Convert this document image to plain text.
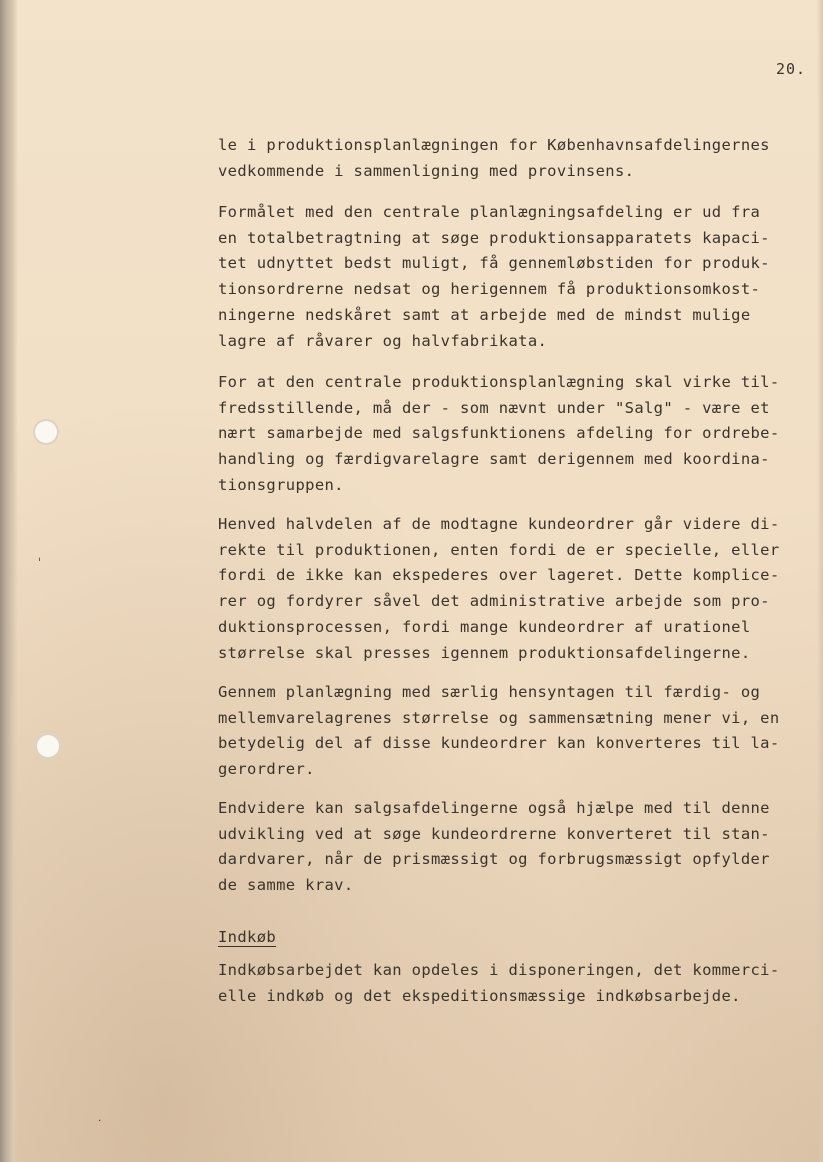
ˌ
˙
20.

le i produktionsplanlægningen for Københavnsafdelingernes
vedkommende i sammenligning med provinsens.

Formålet med den centrale planlægningsafdeling er ud fra
en totalbetragtning at søge produktionsapparatets kapaci-
tet udnyttet bedst muligt, få gennemløbstiden for produk-
tionsordrerne nedsat og herigennem få produktionsomkost-
ningerne nedskåret samt at arbejde med de mindst mulige
lagre af råvarer og halvfabrikata.

For at den centrale produktionsplanlægning skal virke til-
fredsstillende, må der - som nævnt under "Salg" - være et
nært samarbejde med salgsfunktionens afdeling for ordrebe-
handling og færdigvarelagre samt derigennem med koordina-
tionsgruppen.

Henved halvdelen af de modtagne kundeordrer går videre di-
rekte til produktionen, enten fordi de er specielle, eller
fordi de ikke kan ekspederes over lageret. Dette komplice-
rer og fordyrer såvel det administrative arbejde som pro-
duktionsprocessen, fordi mange kundeordrer af urationel
størrelse skal presses igennem produktionsafdelingerne.

Gennem planlægning med særlig hensyntagen til færdig- og
mellemvarelagrenes størrelse og sammensætning mener vi, en
betydelig del af disse kundeordrer kan konverteres til la-
gerordrer.

Endvidere kan salgsafdelingerne også hjælpe med til denne
udvikling ved at søge kundeordrerne konverteret til stan-
dardvarer, når de prismæssigt og forbrugsmæssigt opfylder
de samme krav.

Indkøb

Indkøbsarbejdet kan opdeles i disponeringen, det kommerci-
elle indkøb og det ekspeditionsmæssige indkøbsarbejde.
